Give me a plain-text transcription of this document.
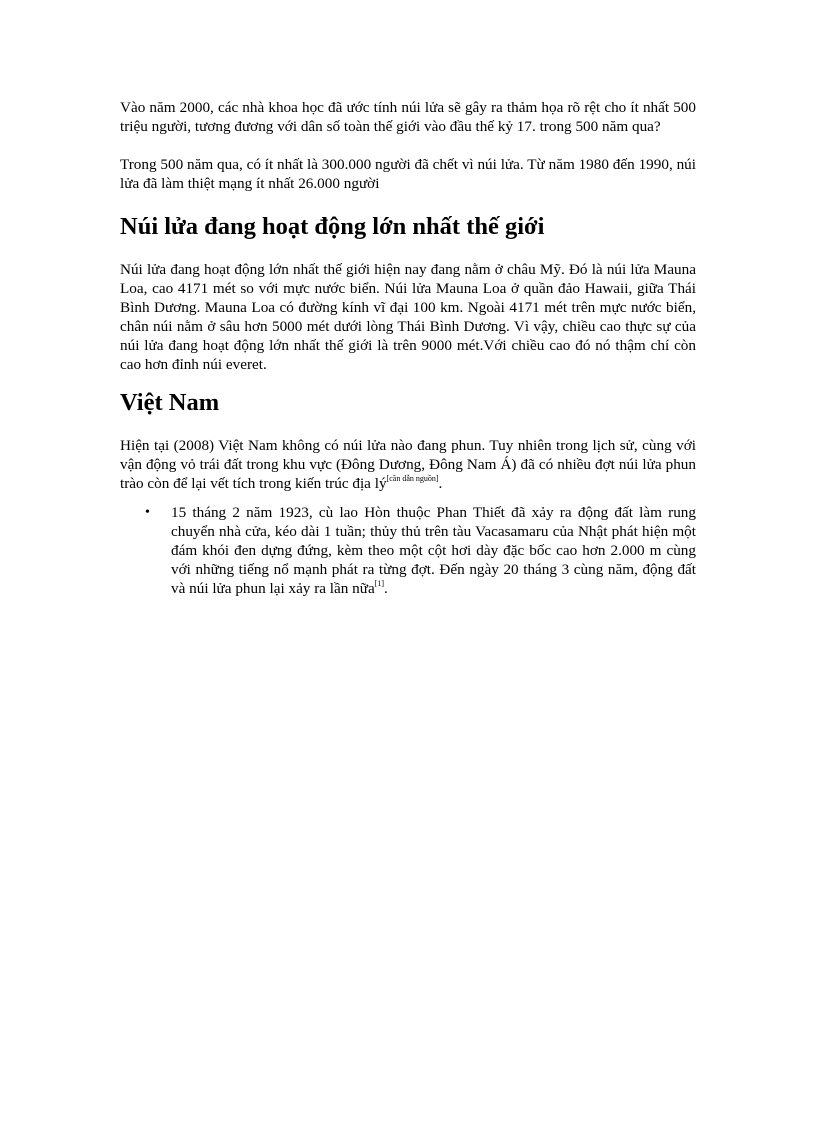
Vào năm 2000, các nhà khoa học đã ước tính núi lửa sẽ gây ra thảm họa rõ rệt cho ít nhất 500 triệu người, tương đương với dân số toàn thế giới vào đầu thế kỷ 17. trong 500 năm qua?

Trong 500 năm qua, có ít nhất là 300.000 người đã chết vì núi lửa. Từ năm 1980 đến 1990, núi lửa đã làm thiệt mạng ít nhất 26.000 người

Núi lửa đang hoạt động lớn nhất thế giới

Núi lửa đang hoạt động lớn nhất thế giới hiện nay đang nằm ở châu Mỹ. Đó là núi lửa Mauna Loa, cao 4171 mét so với mực nước biển. Núi lửa Mauna Loa ở quần đảo Hawaii, giữa Thái Bình Dương. Mauna Loa có đường kính vĩ đại 100 km. Ngoài 4171 mét trên mực nước biển, chân núi nằm ở sâu hơn 5000 mét dưới lòng Thái Bình Dương. Vì vậy, chiều cao thực sự của núi lửa đang hoạt động lớn nhất thế giới là trên 9000 mét.Với chiều cao đó nó thậm chí còn cao hơn đỉnh núi everet.

Việt Nam

Hiện tại (2008) Việt Nam không có núi lửa nào đang phun. Tuy nhiên trong lịch sử, cùng với vận động vỏ trái đất trong khu vực (Đông Dương, Đông Nam Á) đã có nhiều đợt núi lửa phun trào còn để lại vết tích trong kiến trúc địa lý[cần dẫn nguồn].

• 15 tháng 2 năm 1923, cù lao Hòn thuộc Phan Thiết đã xảy ra động đất làm rung chuyển nhà cửa, kéo dài 1 tuần; thủy thủ trên tàu Vacasamaru của Nhật phát hiện một đám khói đen dựng đứng, kèm theo một cột hơi dày đặc bốc cao hơn 2.000 m cùng với những tiếng nổ mạnh phát ra từng đợt. Đến ngày 20 tháng 3 cùng năm, động đất và núi lửa phun lại xảy ra lần nữa[1].
